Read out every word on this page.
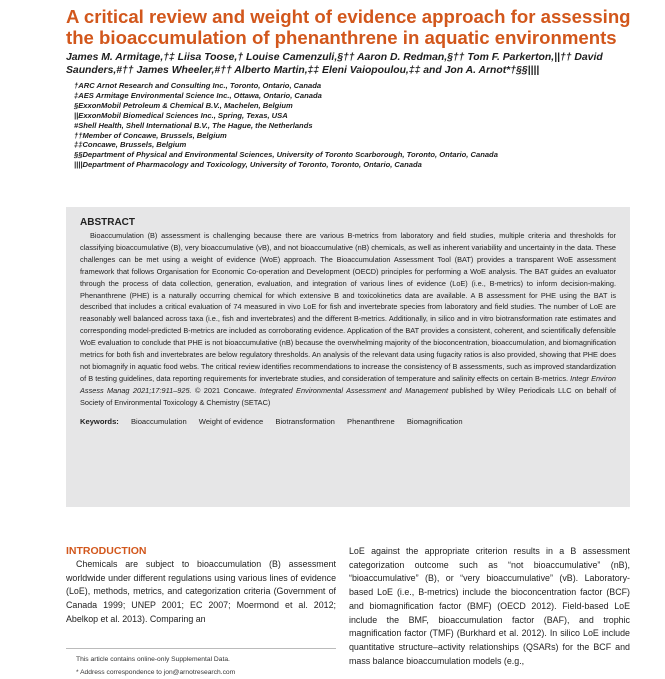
A critical review and weight of evidence approach for assessing the bioaccumulation of phenanthrene in aquatic environments
James M. Armitage,†‡ Liisa Toose,† Louise Camenzuli,§†† Aaron D. Redman,§†† Tom F. Parkerton,||†† David Saunders,#†† James Wheeler,#†† Alberto Martin,‡‡ Eleni Vaiopoulou,‡‡ and Jon A. Arnot*†§§||||
†ARC Arnot Research and Consulting Inc., Toronto, Ontario, Canada
‡AES Armitage Environmental Science Inc., Ottawa, Ontario, Canada
§ExxonMobil Petroleum & Chemical B.V., Machelen, Belgium
||ExxonMobil Biomedical Sciences Inc., Spring, Texas, USA
#Shell Health, Shell International B.V., The Hague, the Netherlands
††Member of Concawe, Brussels, Belgium
‡‡Concawe, Brussels, Belgium
§§Department of Physical and Environmental Sciences, University of Toronto Scarborough, Toronto, Ontario, Canada
||||Department of Pharmacology and Toxicology, University of Toronto, Toronto, Ontario, Canada
ABSTRACT

Bioaccumulation (B) assessment is challenging because there are various B-metrics from laboratory and field studies, multiple criteria and thresholds for classifying bioaccumulative (B), very bioaccumulative (vB), and not bioaccumulative (nB) chemicals, as well as inherent variability and uncertainty in the data. These challenges can be met using a weight of evidence (WoE) approach. The Bioaccumulation Assessment Tool (BAT) provides a transparent WoE assessment framework that follows Organisation for Economic Co-operation and Development (OECD) principles for performing a WoE analysis. The BAT guides an evaluator through the process of data collection, generation, evaluation, and integration of various lines of evidence (LoE) (i.e., B-metrics) to inform decision-making. Phenanthrene (PHE) is a naturally occurring chemical for which extensive B and toxicokinetics data are available. A B assessment for PHE using the BAT is described that includes a critical evaluation of 74 measured in vivo LoE for fish and invertebrate species from laboratory and field studies. The number of LoE are reasonably well balanced across taxa (i.e., fish and invertebrates) and the different B-metrics. Additionally, in silico and in vitro biotransformation rate estimates and corresponding model-predicted B-metrics are included as corroborating evidence. Application of the BAT provides a consistent, coherent, and scientifically defensible WoE evaluation to conclude that PHE is not bioaccumulative (nB) because the overwhelming majority of the bioconcentration, bioaccumulation, and biomagnification metrics for both fish and invertebrates are below regulatory thresholds. An analysis of the relevant data using fugacity ratios is also provided, showing that PHE does not biomagnify in aquatic food webs. The critical review identifies recommendations to increase the consistency of B assessments, such as improved standardization of B testing guidelines, data reporting requirements for invertebrate studies, and consideration of temperature and salinity effects on certain B-metrics. Integr Environ Assess Manag 2021;17:911–925. © 2021 Concawe. Integrated Environmental Assessment and Management published by Wiley Periodicals LLC on behalf of Society of Environmental Toxicology & Chemistry (SETAC)

Keywords: Bioaccumulation Weight of evidence Biotransformation Phenanthrene Biomagnification
INTRODUCTION

Chemicals are subject to bioaccumulation (B) assessment worldwide under different regulations using various lines of evidence (LoE), methods, metrics, and categorization criteria (Government of Canada 1999; UNEP 2001; EC 2007; Moermond et al. 2012; Abelkop et al. 2013). Comparing an

LoE against the appropriate criterion results in a B assessment categorization outcome such as “not bioaccumulative” (nB), “bioaccumulative” (B), or “very bioaccumulative” (vB). Laboratory-based LoE (i.e., B-metrics) include the bioconcentration factor (BCF) and biomagnification factor (BMF) (OECD 2012). Field-based LoE include the BMF, bioaccumulation factor (BAF), and trophic magnification factor (TMF) (Burkhard et al. 2012). In silico LoE include quantitative structure–activity relationships (QSARs) for the BCF and mass balance bioaccumulation models (e.g.,

This article contains online-only Supplemental Data.
* Address correspondence to jon@arnotresearch.com
